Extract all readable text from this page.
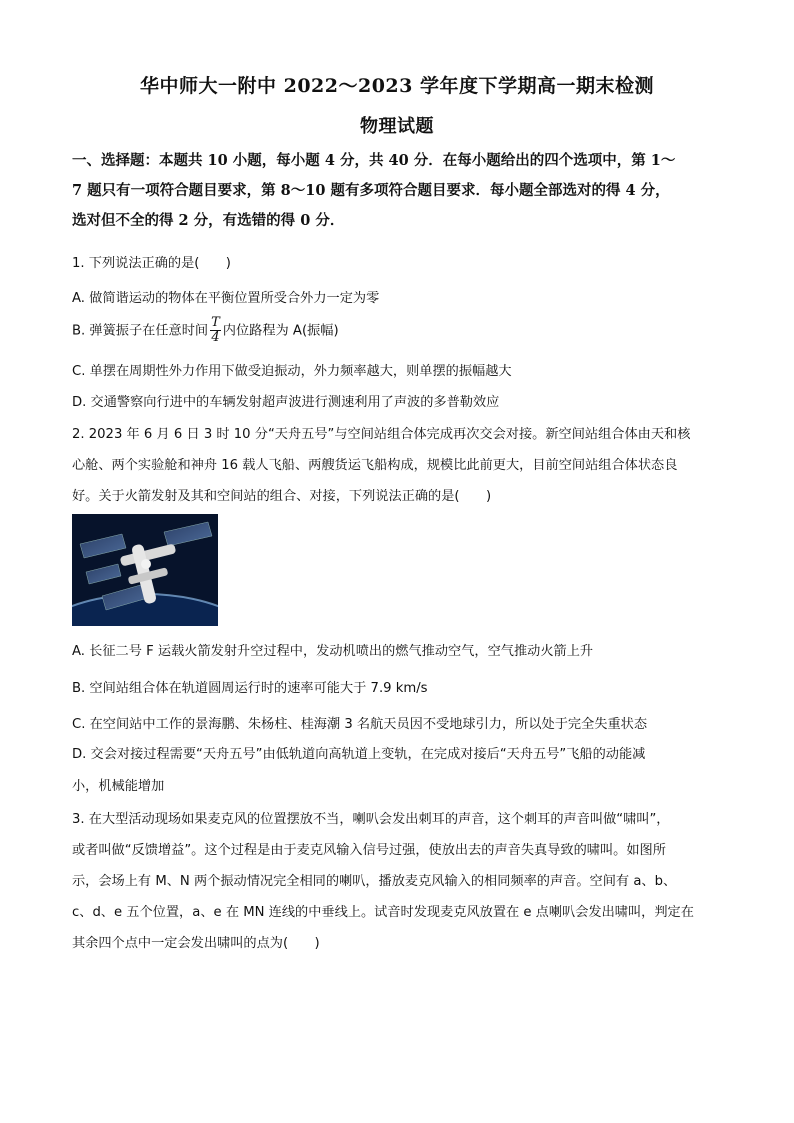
华中师大一附中 2022～2023 学年度下学期高一期末检测
物理试题
一、选择题：本题共 10 小题，每小题 4 分，共 40 分．在每小题给出的四个选项中，第 1～
7 题只有一项符合题目要求，第 8～10 题有多项符合题目要求．每小题全部选对的得 4 分，
选对但不全的得 2 分，有选错的得 0 分．
1. 下列说法正确的是(　　)
A. 做简谐运动的物体在平衡位置所受合外力一定为零
B. 弹簧振子在任意时间 $\frac{T}{4}$ 内位路程为 A(振幅)
C. 单摆在周期性外力作用下做受迫振动，外力频率越大，则单摆的振幅越大
D. 交通警察向行进中的车辆发射超声波进行测速利用了声波的多普勒效应
2. 2023 年 6 月 6 日 3 时 10 分“天舟五号”与空间站组合体完成再次交会对接。新空间站组合体由天和核
心舱、两个实验舱和神舟 16 载人飞船、两艘货运飞船构成，规模比此前更大，目前空间站组合体状态良
好。关于火箭发射及其和空间站的组合、对接，下列说法正确的是(　　)
A. 长征二号 F 运载火箭发射升空过程中，发动机喷出的燃气推动空气，空气推动火箭上升
B. 空间站组合体在轨道圆周运行时的速率可能大于 7.9 km/s
C. 在空间站中工作的景海鹏、朱杨柱、桂海潮 3 名航天员因不受地球引力，所以处于完全失重状态
D. 交会对接过程需要“天舟五号”由低轨道向高轨道上变轨，在完成对接后“天舟五号”飞船的动能减
小，机械能增加
3. 在大型活动现场如果麦克风的位置摆放不当，喇叭会发出刺耳的声音，这个刺耳的声音叫做“啸叫”，
或者叫做“反馈增益”。这个过程是由于麦克风输入信号过强，使放出去的声音失真导致的啸叫。如图所
示，会场上有 M、N 两个振动情况完全相同的喇叭，播放麦克风输入的相同频率的声音。空间有 a、b、
c、d、e 五个位置，a、e 在 MN 连线的中垂线上。试音时发现麦克风放置在 e 点喇叭会发出啸叫，判定在
其余四个点中一定会发出啸叫的点为(　　)
